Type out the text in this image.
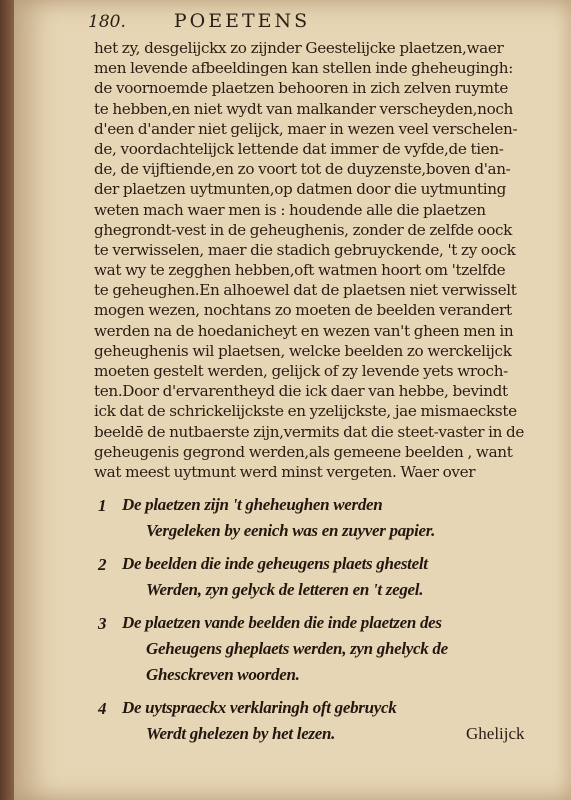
180.	POEETENS
het zy, desgelijckx zo zijnder Geestelijcke plaetzen,waer
men levende afbeeldingen kan stellen inde gheheugingh:
de voornoemde plaetzen behooren in zich zelven ruymte
te hebben,en niet wydt van malkander verscheyden,noch
d'een d'ander niet gelijck, maer in wezen veel verschelen-
de, voordachtelijck lettende dat immer de vyfde,de tien-
de, de vijftiende,en zo voort tot de duyzenste,boven d'an-
der plaetzen uytmunten,op datmen door die uytmunting
weten mach waer men is : houdende alle die plaetzen
ghegrondt-vest in de geheughenis, zonder de zelfde oock
te verwisselen, maer die stadich gebruyckende, 't zy oock
wat wy te zegghen hebben,oft watmen hoort om 'tzelfde
te geheughen.En alhoewel dat de plaetsen niet verwisselt
mogen wezen, nochtans zo moeten de beelden verandert
werden na de hoedanicheyt en wezen van't gheen men in
geheughenis wil plaetsen, welcke beelden zo werckelijck
moeten gestelt werden, gelijck of zy levende yets wroch-
ten.Door d'ervarentheyd die ick daer van hebbe, bevindt
ick dat de schrickelijckste en yzelijckste, jae mismaeckste
beeldē de nutbaerste zijn,vermits dat die steet-vaster in de
geheugenis gegrond werden,als gemeene beelden , want
wat meest uytmunt werd minst vergeten. Waer over
1 De plaetzen zijn 't gheheughen werden
Vergeleken by eenich was en zuyver papier.
2 De beelden die inde geheugens plaets ghestelt
Werden, zyn gelyck de letteren en 't zegel.
3 De plaetzen vande beelden die inde plaetzen des
Geheugens gheplaets werden, zyn ghelyck de
Ghesckreven woorden.
4 De uytspraeckx verklaringh oft gebruyck
Werdt ghelezen by het lezen.	Ghelijck
